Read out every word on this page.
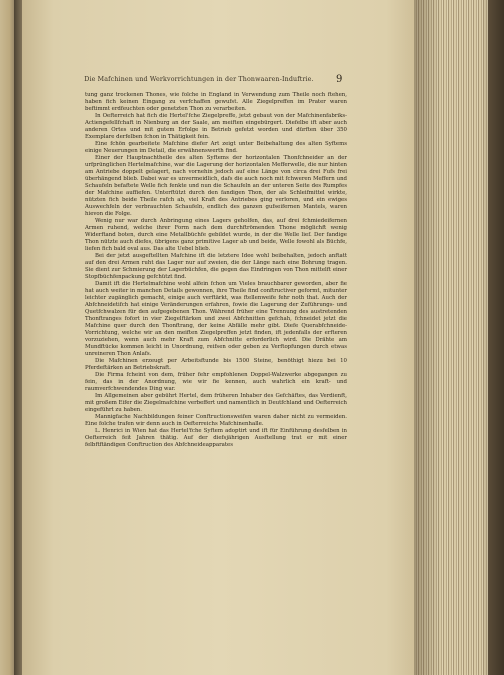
Die Mafchinen und Werkvorrichtungen in der Thonwaaren-Induftrie.	9

tung ganz trockenen Thones, wie folche in England in Verwendung zum Theile noch ftehen, haben fich keinen Eingang zu verfchaffen gewufst. Alle Ziegelpreffen im Prater waren beftimmt erdfeuchten oder genetzten Thon zu verarbeiten.

In Oefterreich hat fich die Hertel'fche Ziegelpreffe, jetzt gebaut von der Mafchinenfabriks-Actiengefellfchaft in Nienburg an der Saale, am meiften eingebürgert. Diefelbe ift aber auch anderen Ortes und mit gutem Erfolge in Betrieb gefetzt worden und dürften über 350 Exemplare derfelben fchon in Thätigkeit fein.

Eine fchön gearbeitete Mafchine diefer Art zeigt unter Beibehaltung des alten Syftems einige Neuerungen im Detail, die erwähnenswerth find.

Einer der Hauptnachtheile des alten Syftems der horizontalen Thonfchneider an der urfprünglichen Hertelmafchine, war die Lagerung der horizontalen Mefferwelle, die nur hinten am Antriebe doppelt gelagert, nach vornehin jedoch auf eine Länge von circa drei Fufs frei überhängend blieb. Dabei war es unvermeidlich, dafs die auch noch mit fchweren Meffern und Schaufeln befaftete Welle fich fenkte und nun die Schaufeln an der unteren Seite des Rumpfes der Mafchine auffiefen. Unterftützt durch den fandigen Thon, der als Schleifmittel wirkte, nützten fich beide Theile rafch ab, viel Kraft des Antriebes ging verloren, und ein ewiges Auswechfeln der verbrauchten Schaufeln, endlich des ganzen gufseifernen Mantels, waren hievon die Folge.

Wenig nur war durch Anbringung eines Lagers geholfen, das, auf drei fchmiedeifernen Armen ruhend, welche ihrer Form nach dem durchftrömenden Thone möglichft wenig Widerftand boten, durch eine Metallbüchfe gebildet wurde, in der die Welle lief. Der fandige Thon nützte auch diefes, übrigens ganz primitive Lager ab und beide, Welle fowohl als Büchfe, liefen fich bald oval aus. Das alte Uebel blieb.

Bei der jetzt ausgeftellten Mafchine ift die letztere Idee wohl beibehalten, jedoch anftatt auf den drei Armen ruht das Lager nur auf zweien, die der Länge nach eine Bohrung tragen. Sie dient zur Schmierung der Lagerbüchfen, die gegen das Eindringen von Thon mittelft einer Stopfbüchfenpackung gefchützt find.

Damit ift die Hertelmafchine wohl alfein fchon um Vieles brauchbarer geworden, aber fie hat auch weiter in manchen Details gewonnen, ihre Theile find conftructiver geformt, mitunter leichter zugänglich gemacht, einige auch verftärkt, was ftellenweife fehr noth that. Auch der Abfchneidetifch hat einige Veränderungen erfahren, fowie die Lagerung der Zuführungs- und Quetfchwalzen für den aufgegebenen Thon. Während früher eine Trennung des austretenden Thonftranges fofort in vier Ziegelftärken und zwei Abfchnitten gefchah, fchneidet jetzt die Mafchine quer durch den Thonftrang, der keine Abfälle mehr gibt. Diefe Querabfchneide-Vorrichtung, welche wir an den meiften Ziegelpreffen jetzt finden, ift jedenfalls der erfteren vorzuziehen, wenn auch mehr Kraft zum Abfchnitte erforderlich wird. Die Drähte am Mundftücke kommen leicht in Unordnung, reifsen oder geben zu Verftopfungen durch etwas unreineren Thon Anlafs.

Die Mafchinen erzeugt per Arbeitsftunde bis 1500 Steine, benöthigt hiezu bei 10 Pferdeftärken an Betriebskraft.

Die Firma fcheint von dem, früher fehr empfohlenen Doppel-Walzwerke abgegangen zu fein, das in der Anordnung, wie wir fie kennen, auch wahrlich ein kraft- und raumverfchwendendes Ding war.

Im Allgemeinen aber gebührt Hertel, dem früheren Inhaber des Gefchäftes, das Verdienft, mit großem Eifer die Ziegelmafchine verbeffert und namentlich in Deutfchland und Oefterreich eingeführt zu haben.

Mannigfache Nachbildungen feiner Conftructionsweifen waren daher nicht zu vermeiden. Eine folche trafen wir denn auch in Oefterreichs Mafchinenhalle.

L. Henrici in Wien hat das Hertel'fche Syftem adoptirt und ift für Einführung desfelben in Oefterreich feit Jahren thätig. Auf der diefsjährigen Ausftellung trat er mit einer felbftftändigen Conftruction des Abfchneideapparates
